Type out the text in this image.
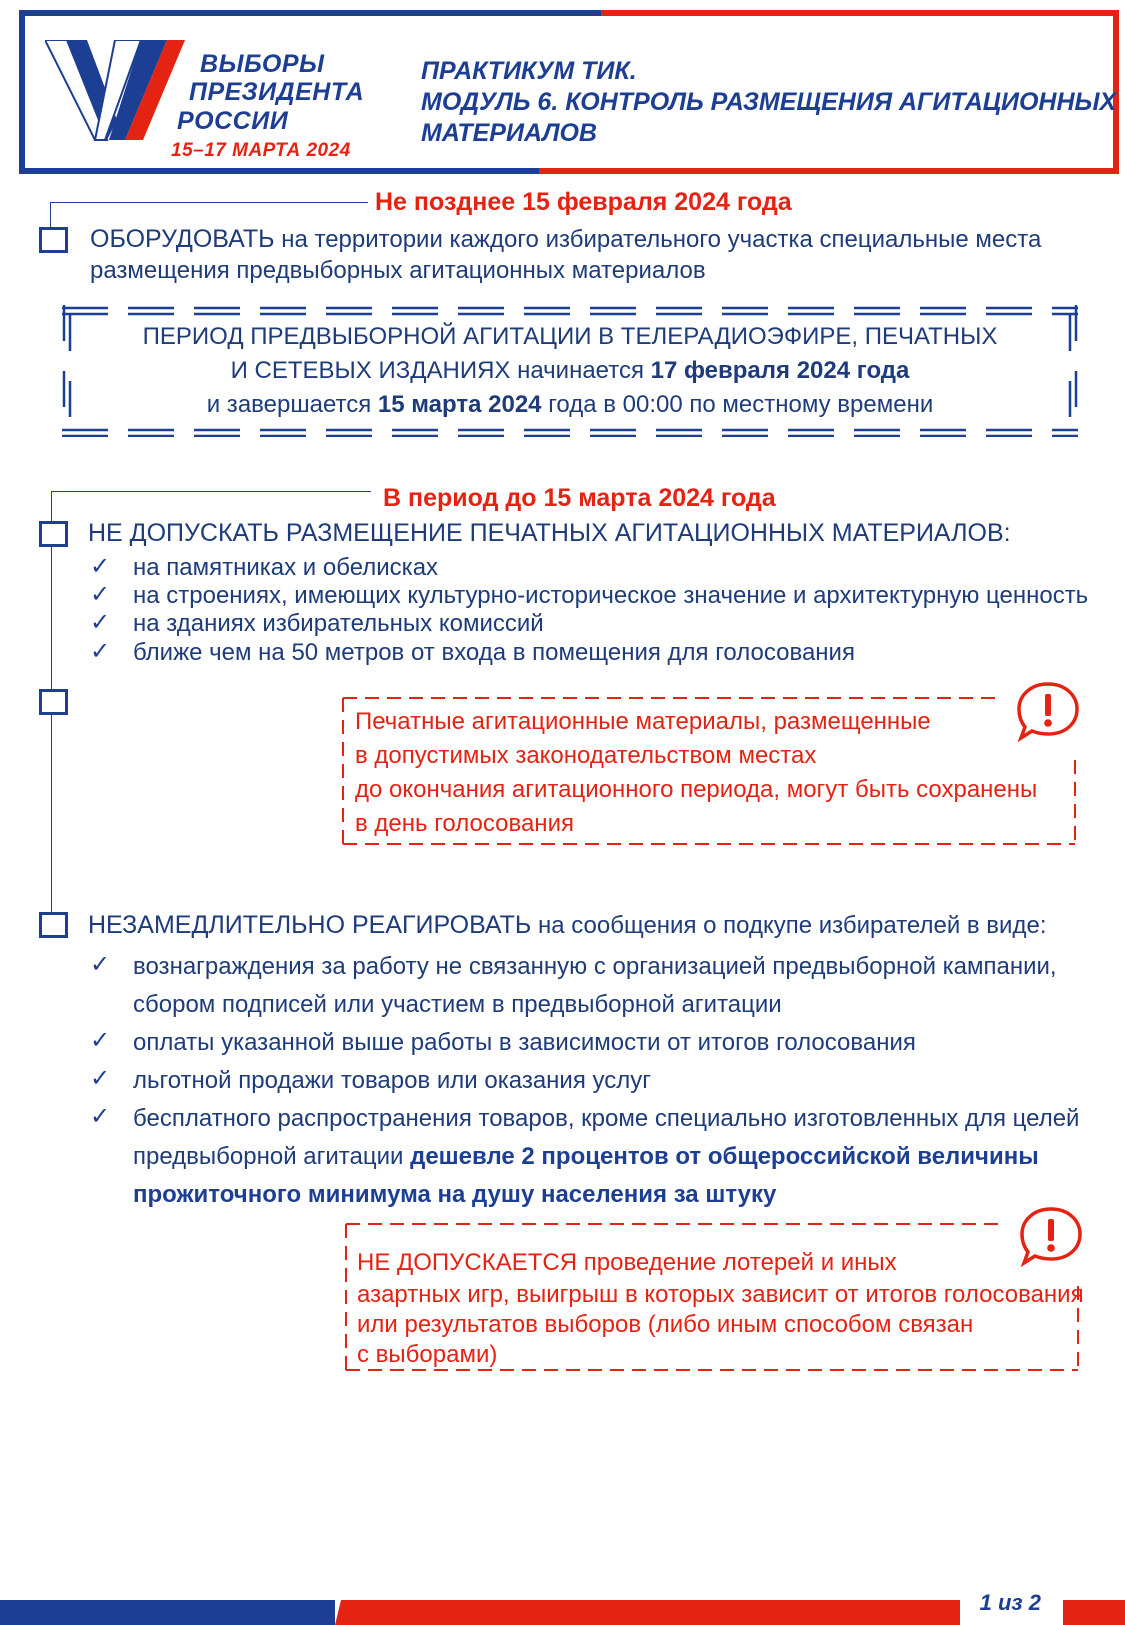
ВЫБОРЫ
ПРЕЗИДЕНТА
РОССИИ
15–17 МАРТА 2024
ПРАКТИКУМ ТИК.
МОДУЛЬ 6. КОНТРОЛЬ РАЗМЕЩЕНИЯ АГИТАЦИОННЫХ
МАТЕРИАЛОВ
Не позднее 15 февраля 2024 года
ОБОРУДОВАТЬ на территории каждого избирательного участка специальные места
размещения предвыборных агитационных материалов
ПЕРИОД ПРЕДВЫБОРНОЙ АГИТАЦИИ В ТЕЛЕРАДИОЭФИРЕ, ПЕЧАТНЫХ
И СЕТЕВЫХ ИЗДАНИЯХ начинается 17 февраля 2024 года
и завершается 15 марта 2024 года в 00:00 по местному времени
В период до 15 марта 2024 года
НЕ ДОПУСКАТЬ РАЗМЕЩЕНИЕ ПЕЧАТНЫХ АГИТАЦИОННЫХ МАТЕРИАЛОВ:
✓ на памятниках и обелисках
✓ на строениях, имеющих культурно-историческое значение и архитектурную ценность
✓ на зданиях избирательных комиссий
✓ ближе чем на 50 метров от входа в помещения для голосования
Печатные агитационные материалы, размещенные
в допустимых законодательством местах
до окончания агитационного периода, могут быть сохранены
в день голосования
НЕЗАМЕДЛИТЕЛЬНО РЕАГИРОВАТЬ на сообщения о подкупе избирателей в виде:
✓ вознаграждения за работу не связанную с организацией предвыборной кампании,
сбором подписей или участием в предвыборной агитации
✓ оплаты указанной выше работы в зависимости от итогов голосования
✓ льготной продажи товаров или оказания услуг
✓ бесплатного распространения товаров, кроме специально изготовленных для целей
предвыборной агитации дешевле 2 процентов от общероссийской величины
прожиточного минимума на душу населения за штуку
НЕ ДОПУСКАЕТСЯ проведение лотерей и иных
азартных игр, выигрыш в которых зависит от итогов голосования
или результатов выборов (либо иным способом связан
с выборами)
1 из 2
